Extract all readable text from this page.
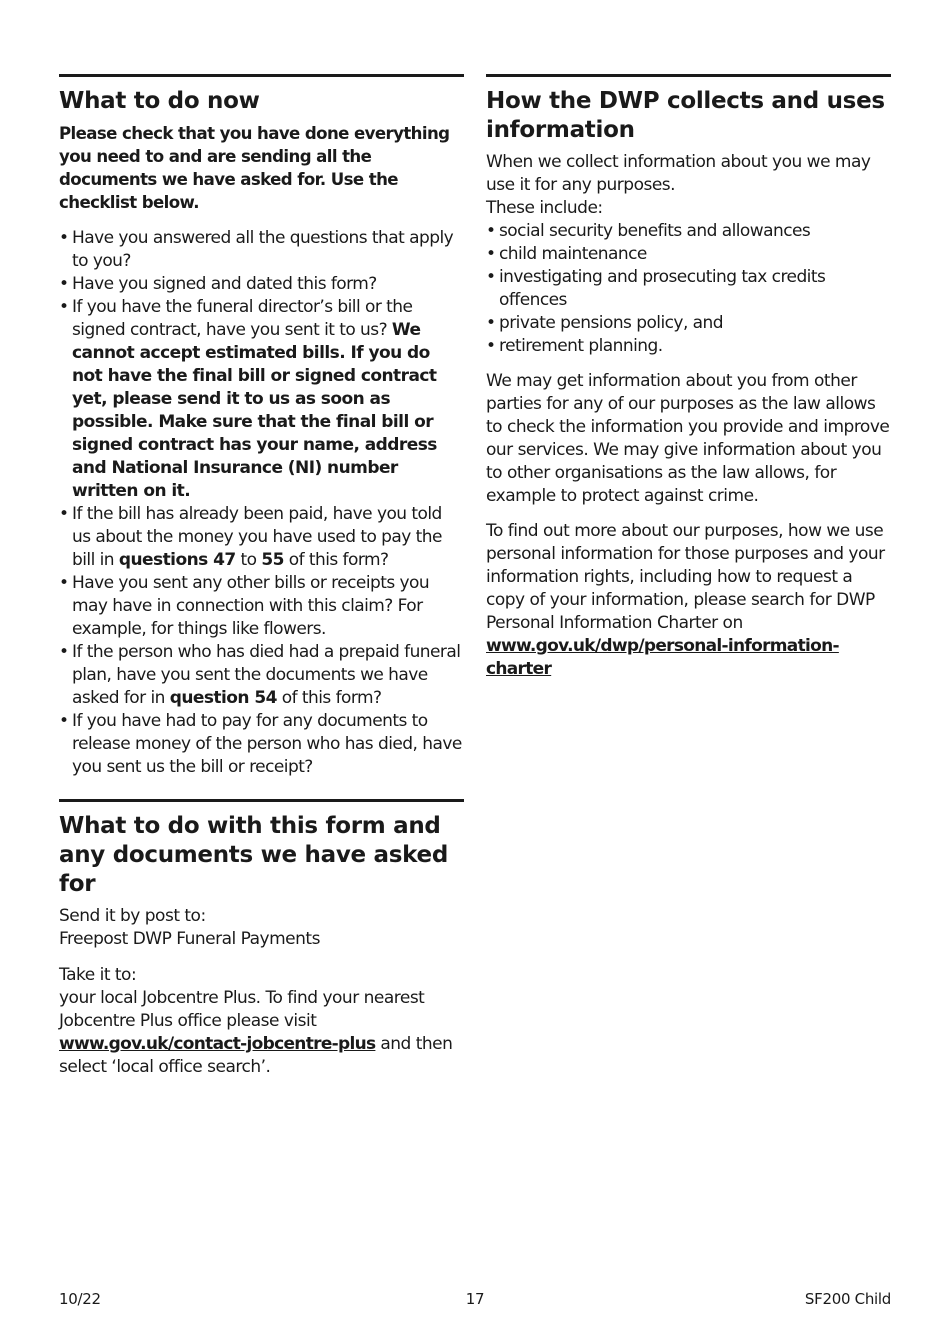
What to do now

Please check that you have done everything you need to and are sending all the documents we have asked for. Use the checklist below.

• Have you answered all the questions that apply to you?
• Have you signed and dated this form?
• If you have the funeral director’s bill or the signed contract, have you sent it to us? We cannot accept estimated bills. If you do not have the final bill or signed contract yet, please send it to us as soon as possible. Make sure that the final bill or signed contract has your name, address and National Insurance (NI) number written on it.
• If the bill has already been paid, have you told us about the money you have used to pay the bill in questions 47 to 55 of this form?
• Have you sent any other bills or receipts you may have in connection with this claim? For example, for things like flowers.
• If the person who has died had a prepaid funeral plan, have you sent the documents we have asked for in question 54 of this form?
• If you have had to pay for any documents to release money of the person who has died, have you sent us the bill or receipt?
What to do with this form and any documents we have asked for

Send it by post to:

Freepost DWP Funeral Payments

Take it to:

your local Jobcentre Plus. To find your nearest Jobcentre Plus office please visit www.gov.uk/contact-jobcentre-plus and then select ‘local office search’.

How the DWP collects and uses information

When we collect information about you we may use it for any purposes.

These include:

• social security benefits and allowances
• child maintenance
• investigating and prosecuting tax credits offences
• private pensions policy, and
• retirement planning.

We may get information about you from other parties for any of our purposes as the law allows to check the information you provide and improve our services. We may give information about you to other organisations as the law allows, for example to protect against crime.

To find out more about our purposes, how we use personal information for those purposes and your information rights, including how to request a copy of your information, please search for DWP Personal Information Charter on

www.gov.uk/dwp/personal-information-charter

10/22	17	SF200 Child
